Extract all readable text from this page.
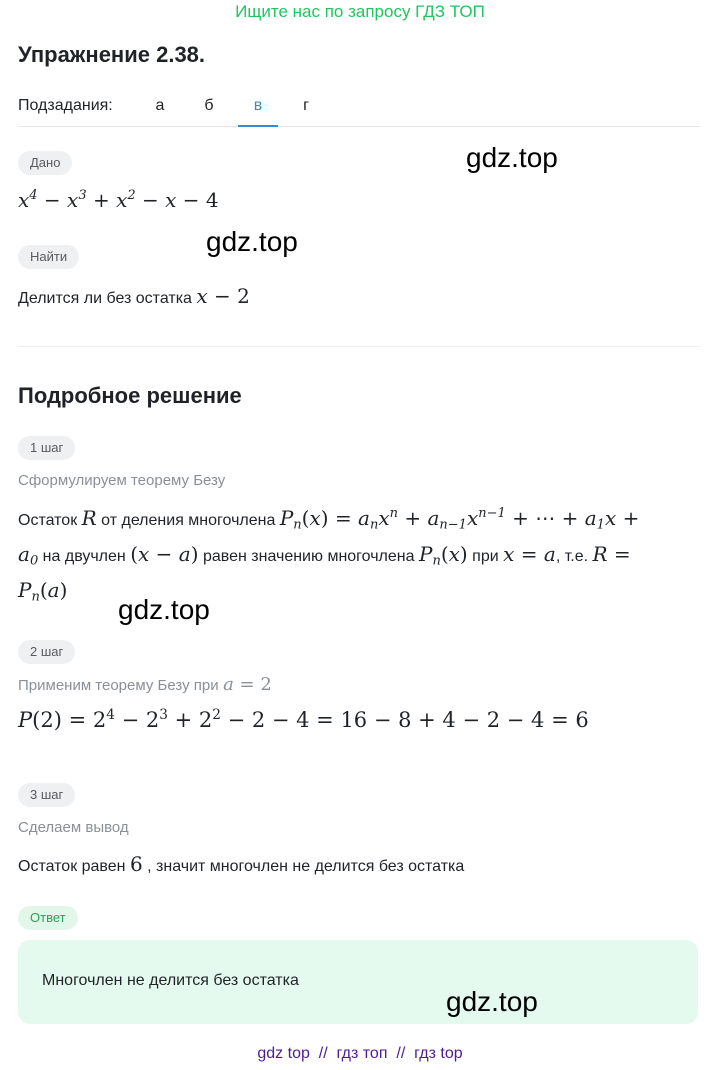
Ищите нас по запросу ГДЗ ТОП
Упражнение 2.38.
Подзадания:	а	б	в	г
Дано
$x^4 - x^3 + x^2 - x - 4$
gdz.top
gdz.top
Найти
Делится ли без остатка x − 2
Подробное решение
1 шаг
Сформулируем теорему Безу
Остаток R от деления многочлена $P_n(x) = a_nx^n + a_{n-1}x^{n-1}$ + ⋯ + $a_1x$ +
$a_0$ на двучлен (x − a) равен значению многочлена $P_n(x)$ при x = a, т.е. R =
$P_n(a)$
gdz.top
2 шаг
Применим теорему Безу при a = 2
$P(2) = 2^4 - 2^3 + 2^2 - 2 - 4 = 16 - 8 + 4 - 2 - 4 = 6$
3 шаг
Сделаем вывод
Остаток равен 6 , значит многочлен не делится без остатка
Ответ
Многочлен не делится без остатка
gdz.top
gdz top  //  гдз топ  //  гдз top
